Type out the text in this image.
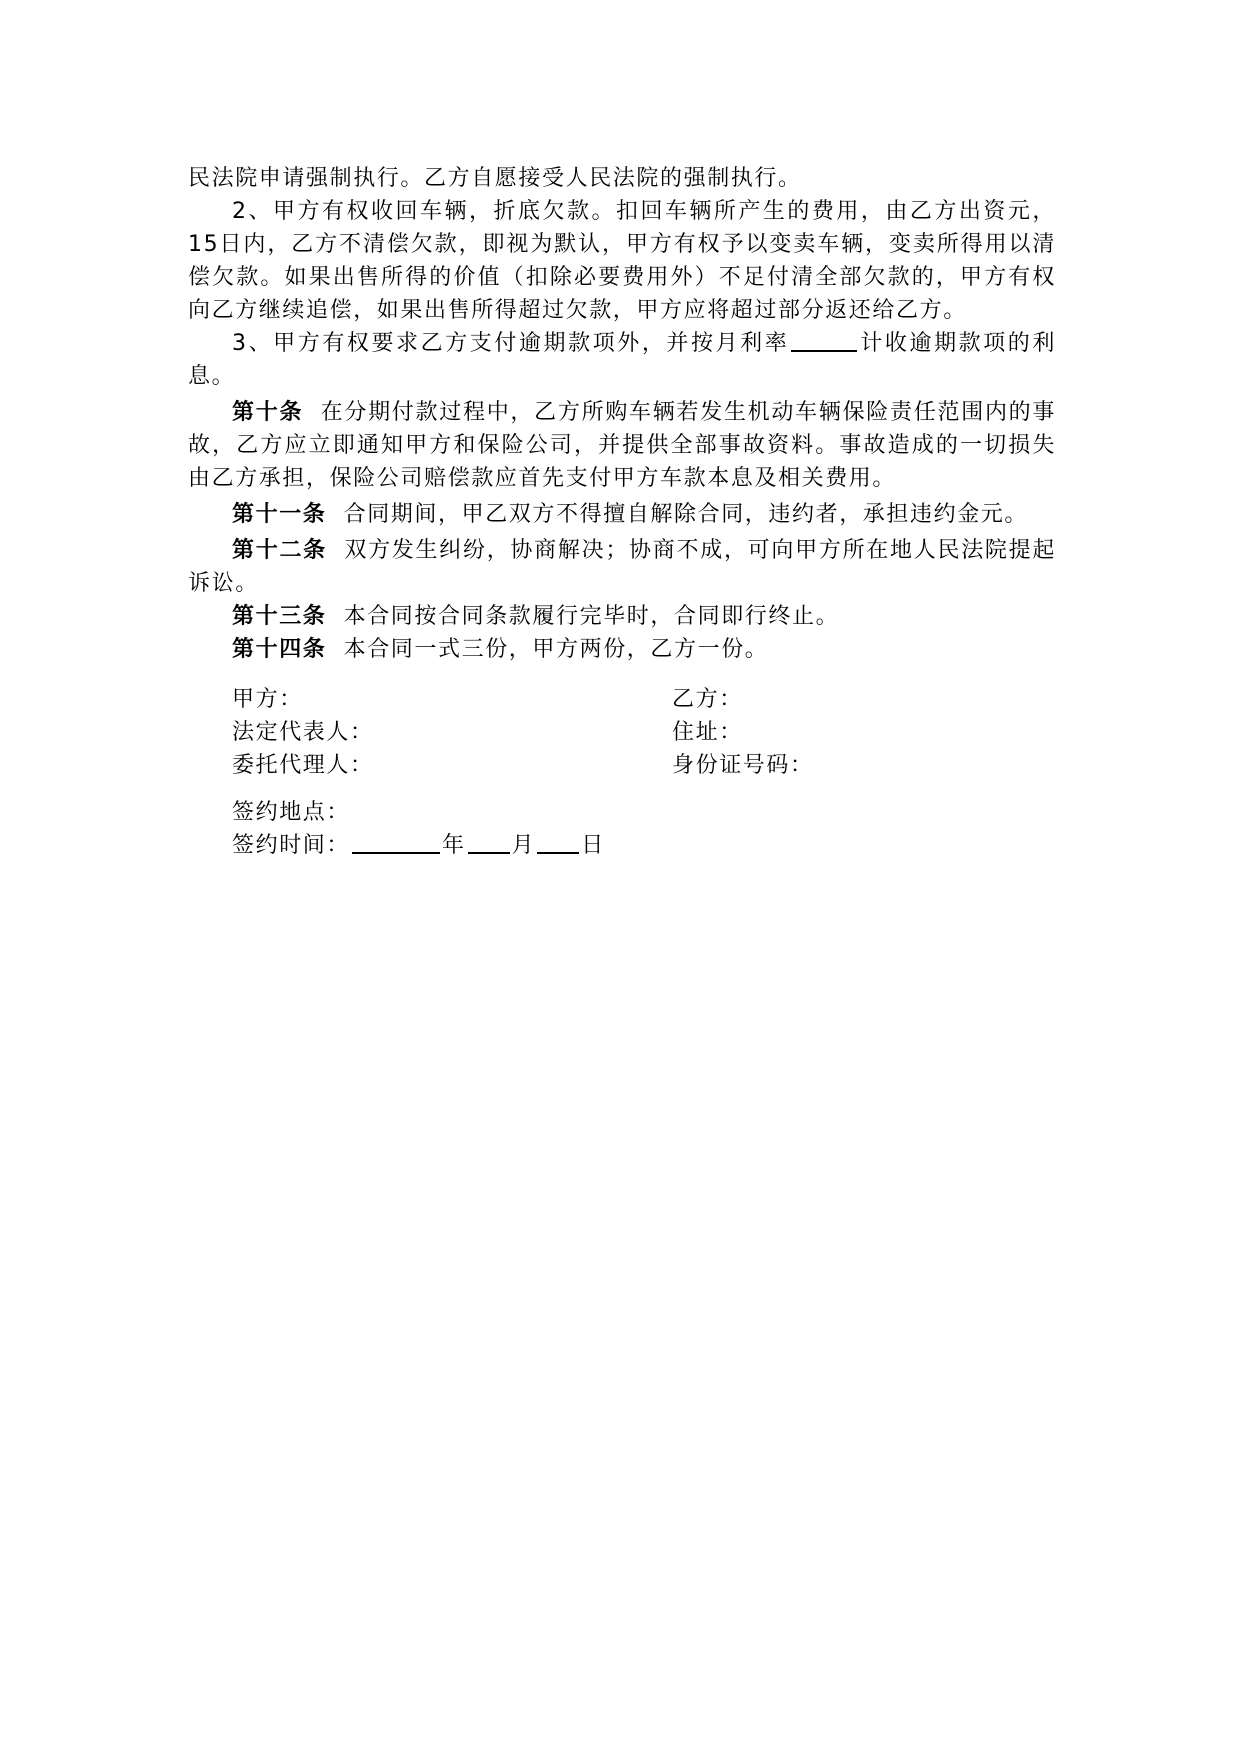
民法院申请强制执行。乙方自愿接受人民法院的强制执行。

2、甲方有权收回车辆，折底欠款。扣回车辆所产生的费用，由乙方出资元，15日内，乙方不清偿欠款，即视为默认，甲方有权予以变卖车辆，变卖所得用以清偿欠款。如果出售所得的价值（扣除必要费用外）不足付清全部欠款的，甲方有权向乙方继续追偿，如果出售所得超过欠款，甲方应将超过部分返还给乙方。

3、甲方有权要求乙方支付逾期款项外，并按月利率	计收逾期款项的利息。

第十条 在分期付款过程中，乙方所购车辆若发生机动车辆保险责任范围内的事故，乙方应立即通知甲方和保险公司，并提供全部事故资料。事故造成的一切损失由乙方承担，保险公司赔偿款应首先支付甲方车款本息及相关费用。

第十一条 合同期间，甲乙双方不得擅自解除合同，违约者，承担违约金元。

第十二条 双方发生纠纷，协商解决；协商不成，可向甲方所在地人民法院提起诉讼。

第十三条 本合同按合同条款履行完毕时，合同即行终止。

第十四条 本合同一式三份，甲方两份，乙方一份。

甲方：	乙方：
法定代表人：	住址：
委托代理人：	身份证号码：
签约地点：
签约时间：	年 月 日
